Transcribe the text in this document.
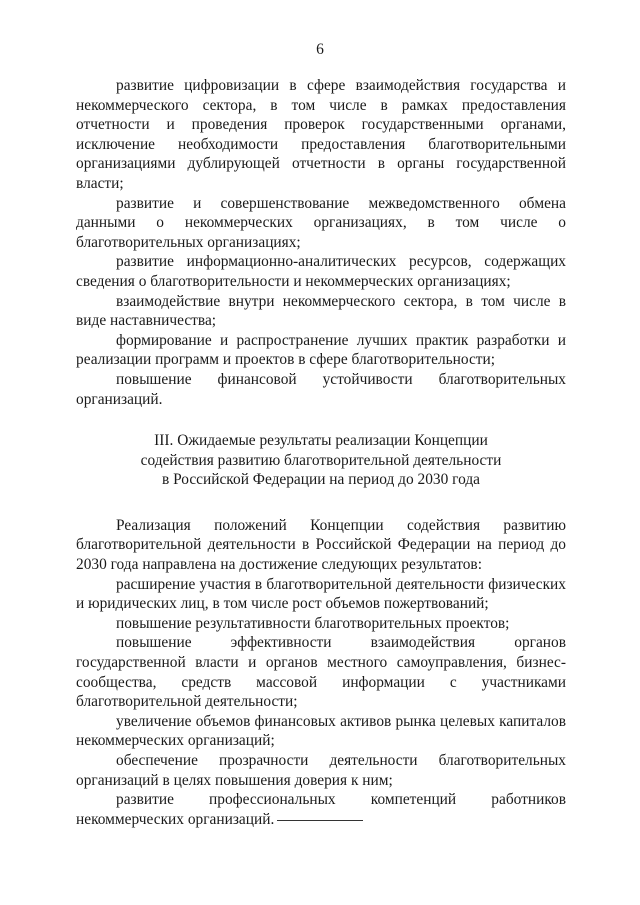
6

развитие цифровизации в сфере взаимодействия государства и некоммерческого сектора, в том числе в рамках предоставления отчетности и проведения проверок государственными органами, исключение необходимости предоставления благотворительными организациями дублирующей отчетности в органы государственной власти;

развитие и совершенствование межведомственного обмена данными о некоммерческих организациях, в том числе о благотворительных организациях;

развитие информационно-аналитических ресурсов, содержащих сведения о благотворительности и некоммерческих организациях;

взаимодействие внутри некоммерческого сектора, в том числе в виде наставничества;

формирование и распространение лучших практик разработки и реализации программ и проектов в сфере благотворительности;

повышение финансовой устойчивости благотворительных организаций.

III. Ожидаемые результаты реализации Концепции
содействия развитию благотворительной деятельности
в Российской Федерации на период до 2030 года

Реализация положений Концепции содействия развитию благотворительной деятельности в Российской Федерации на период до 2030 года направлена на достижение следующих результатов:

расширение участия в благотворительной деятельности физических и юридических лиц, в том числе рост объемов пожертвований;

повышение результативности благотворительных проектов;

повышение эффективности взаимодействия органов государственной власти и органов местного самоуправления, бизнес-сообщества, средств массовой информации с участниками благотворительной деятельности;

увеличение объемов финансовых активов рынка целевых капиталов некоммерческих организаций;

обеспечение прозрачности деятельности благотворительных организаций в целях повышения доверия к ним;

развитие профессиональных компетенций работников некоммерческих организаций.
